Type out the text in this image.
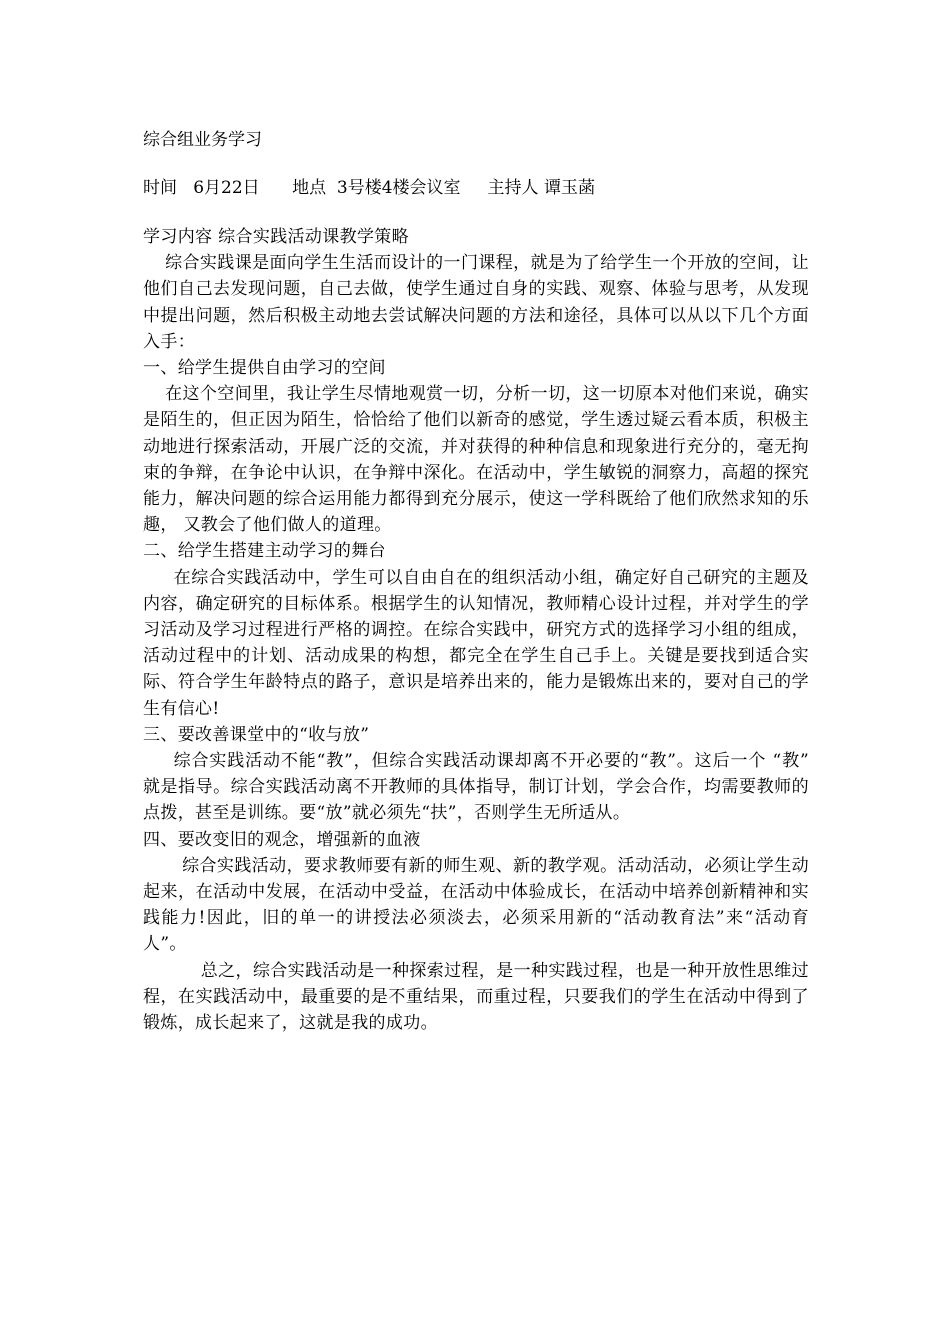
综合组业务学习
时间   6月22日      地点  3号楼4楼会议室     主持人 谭玉菡

学习内容 综合实践活动课教学策略

综合实践课是面向学生生活而设计的一门课程，就是为了给学生一个开放的空间，让他们自己去发现问题，自己去做，使学生通过自身的实践、观察、体验与思考，从发现中提出问题，然后积极主动地去尝试解决问题的方法和途径，具体可以从以下几个方面入手：

一、给学生提供自由学习的空间

在这个空间里，我让学生尽情地观赏一切，分析一切，这一切原本对他们来说，确实是陌生的，但正因为陌生，恰恰给了他们以新奇的感觉，学生透过疑云看本质，积极主动地进行探索活动，开展广泛的交流，并对获得的种种信息和现象进行充分的，毫无拘束的争辩，在争论中认识，在争辩中深化。在活动中，学生敏锐的洞察力，高超的探究能力，解决问题的综合运用能力都得到充分展示，使这一学科既给了他们欣然求知的乐趣， 又教会了他们做人的道理。

二、给学生搭建主动学习的舞台

在综合实践活动中，学生可以自由自在的组织活动小组，确定好自己研究的主题及内容，确定研究的目标体系。根据学生的认知情况，教师精心设计过程，并对学生的学习活动及学习过程进行严格的调控。在综合实践中，研究方式的选择学习小组的组成，活动过程中的计划、活动成果的构想，都完全在学生自己手上。关键是要找到适合实际、符合学生年龄特点的路子，意识是培养出来的，能力是锻炼出来的，要对自己的学生有信心!

三、要改善课堂中的“收与放”

综合实践活动不能“教”，但综合实践活动课却离不开必要的“教”。这后一个 “教” 就是指导。综合实践活动离不开教师的具体指导，制订计划，学会合作，均需要教师的点拨，甚至是训练。要“放”就必须先“扶”，否则学生无所适从。

四、要改变旧的观念，增强新的血液

综合实践活动，要求教师要有新的师生观、新的教学观。活动活动，必须让学生动起来，在活动中发展，在活动中受益，在活动中体验成长，在活动中培养创新精神和实践能力!因此，旧的单一的讲授法必须淡去，必须采用新的“活动教育法”来“活动育人”。

总之，综合实践活动是一种探索过程，是一种实践过程，也是一种开放性思维过程，在实践活动中，最重要的是不重结果，而重过程，只要我们的学生在活动中得到了锻炼，成长起来了，这就是我的成功。
